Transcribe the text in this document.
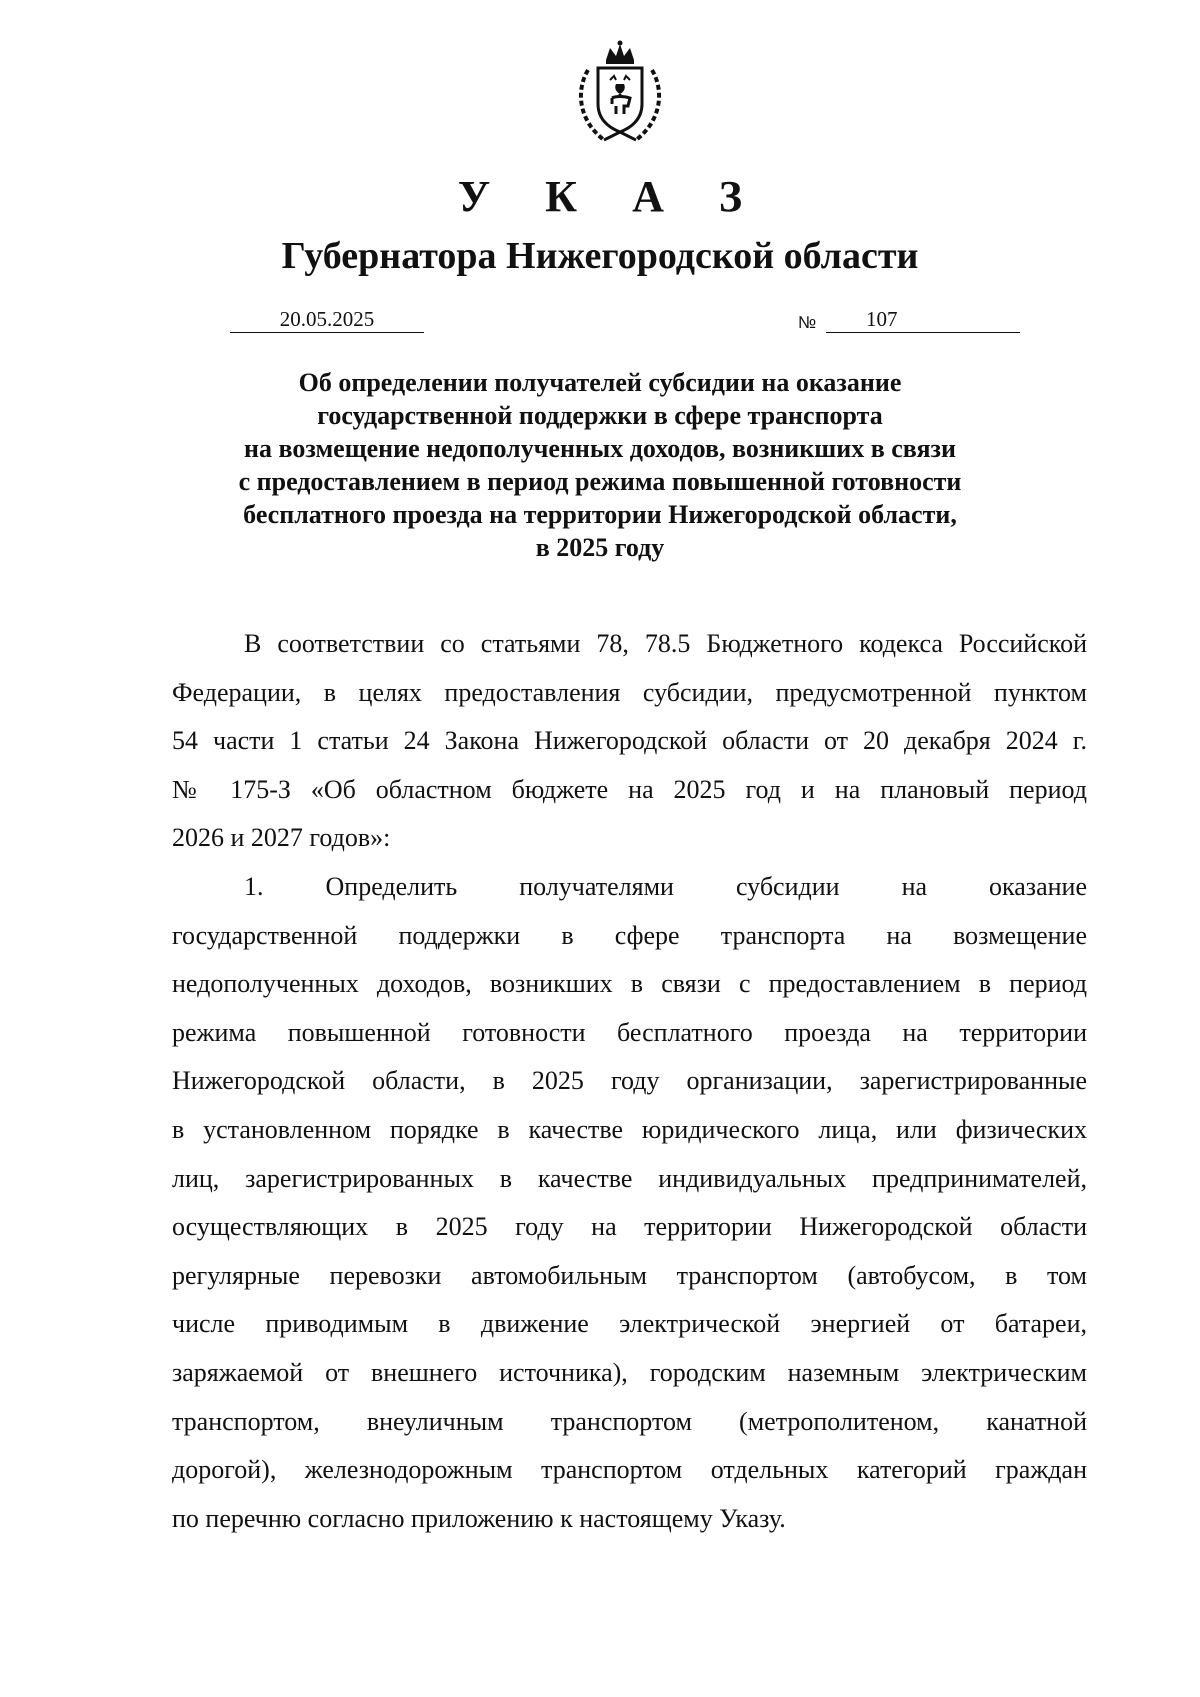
У К А З
Губернатора Нижегородской области
20.05.2025	№ 107
Об определении получателей субсидии на оказание
государственной поддержки в сфере транспорта
на возмещение недополученных доходов, возникших в связи
с предоставлением в период режима повышенной готовности
бесплатного проезда на территории Нижегородской области,
в 2025 году
В соответствии со статьями 78, 78.5 Бюджетного кодекса Российской
Федерации, в целях предоставления субсидии, предусмотренной пунктом
54 части 1 статьи 24 Закона Нижегородской области от 20 декабря 2024 г.
№ 175-З «Об областном бюджете на 2025 год и на плановый период
2026 и 2027 годов»:
1. Определить получателями субсидии на оказание
государственной поддержки в сфере транспорта на возмещение
недополученных доходов, возникших в связи с предоставлением в период
режима повышенной готовности бесплатного проезда на территории
Нижегородской области, в 2025 году организации, зарегистрированные
в установленном порядке в качестве юридического лица, или физических
лиц, зарегистрированных в качестве индивидуальных предпринимателей,
осуществляющих в 2025 году на территории Нижегородской области
регулярные перевозки автомобильным транспортом (автобусом, в том
числе приводимым в движение электрической энергией от батареи,
заряжаемой от внешнего источника), городским наземным электрическим
транспортом, внеуличным транспортом (метрополитеном, канатной
дорогой), железнодорожным транспортом отдельных категорий граждан
по перечню согласно приложению к настоящему Указу.
